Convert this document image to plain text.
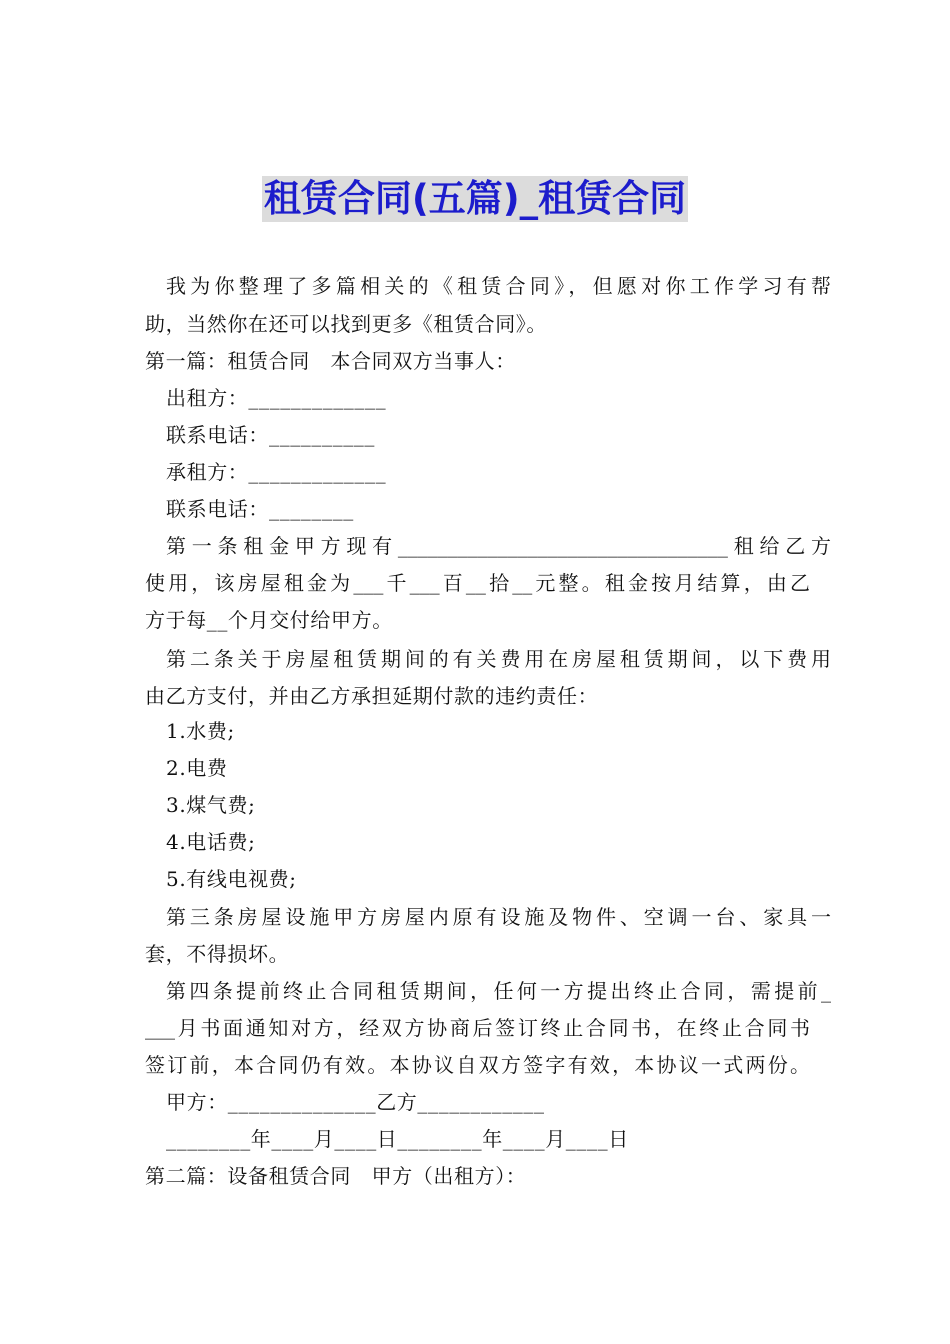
租赁合同(五篇)_租赁合同
我为你整理了多篇相关的《租赁合同》，但愿对你工作学习有帮
助，当然你在还可以找到更多《租赁合同》。
第一篇：租赁合同　本合同双方当事人：
出租方：_____________
联系电话：__________
承租方：_____________
联系电话：________
第一条租金甲方现有_________________________________租给乙方
使用，该房屋租金为___千___百__拾__元整。租金按月结算，由乙
方于每__个月交付给甲方。
第二条关于房屋租赁期间的有关费用在房屋租赁期间，以下费用
由乙方支付，并由乙方承担延期付款的违约责任：
1.水费;
2.电费
3.煤气费;
4.电话费;
5.有线电视费;
第三条房屋设施甲方房屋内原有设施及物件、空调一台、家具一
套，不得损坏。
第四条提前终止合同租赁期间，任何一方提出终止合同，需提前_
___月书面通知对方，经双方协商后签订终止合同书，在终止合同书
签订前，本合同仍有效。本协议自双方签字有效，本协议一式两份。
甲方：______________乙方____________
________年____月____日________年____月____日
第二篇：设备租赁合同　甲方（出租方）：
